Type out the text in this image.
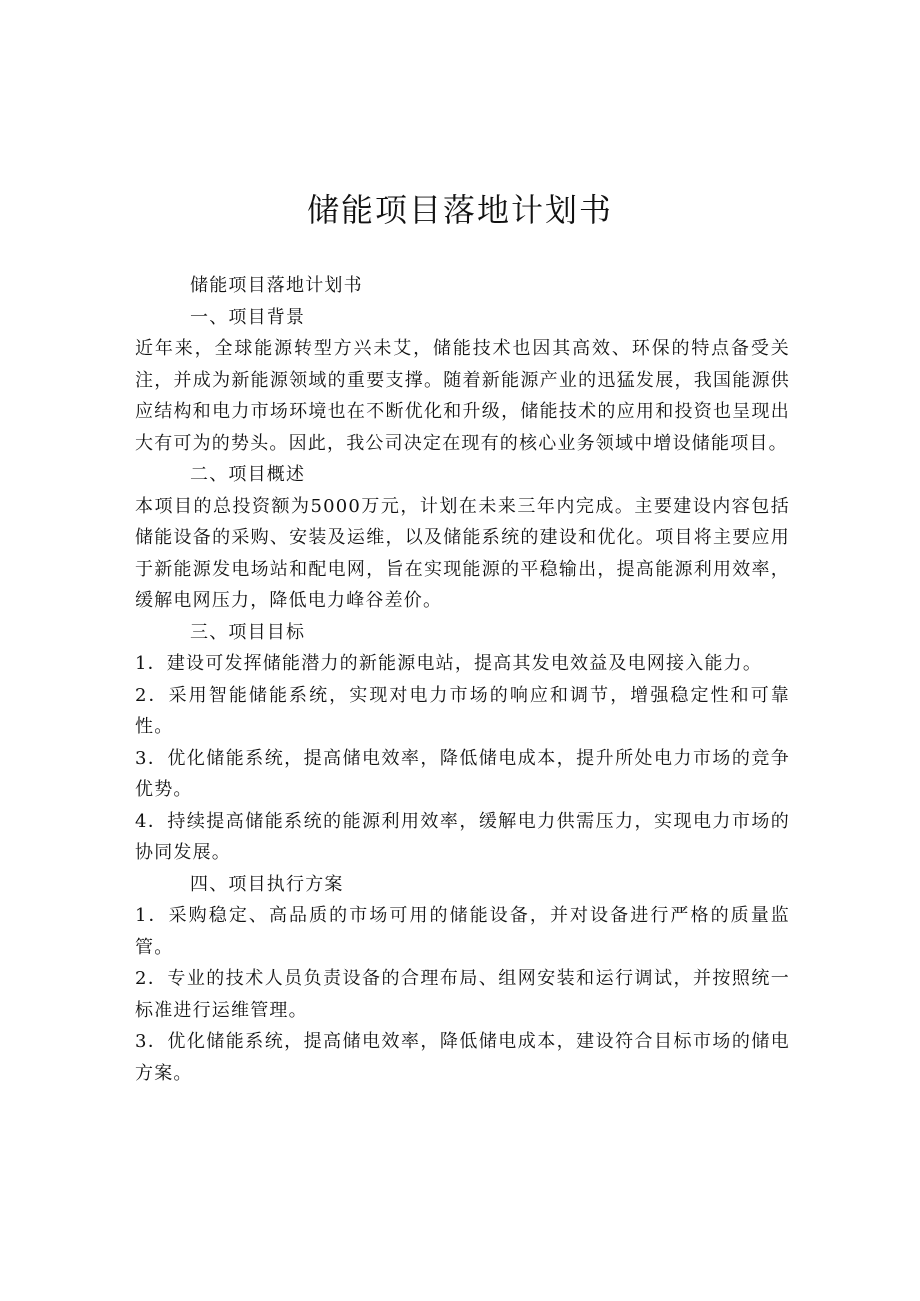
储能项目落地计划书

储能项目落地计划书

一、项目背景

近年来，全球能源转型方兴未艾，储能技术也因其高效、环保的特点备受关注，并成为新能源领域的重要支撑。随着新能源产业的迅猛发展，我国能源供应结构和电力市场环境也在不断优化和升级，储能技术的应用和投资也呈现出大有可为的势头。因此，我公司决定在现有的核心业务领域中增设储能项目。

二、项目概述

本项目的总投资额为5000万元，计划在未来三年内完成。主要建设内容包括储能设备的采购、安装及运维，以及储能系统的建设和优化。项目将主要应用于新能源发电场站和配电网，旨在实现能源的平稳输出，提高能源利用效率，缓解电网压力，降低电力峰谷差价。

三、项目目标

1．建设可发挥储能潜力的新能源电站，提高其发电效益及电网接入能力。

2．采用智能储能系统，实现对电力市场的响应和调节，增强稳定性和可靠性。

3．优化储能系统，提高储电效率，降低储电成本，提升所处电力市场的竞争优势。

4．持续提高储能系统的能源利用效率，缓解电力供需压力，实现电力市场的协同发展。

四、项目执行方案

1．采购稳定、高品质的市场可用的储能设备，并对设备进行严格的质量监管。

2．专业的技术人员负责设备的合理布局、组网安装和运行调试，并按照统一标准进行运维管理。

3．优化储能系统，提高储电效率，降低储电成本，建设符合目标市场的储电方案。
